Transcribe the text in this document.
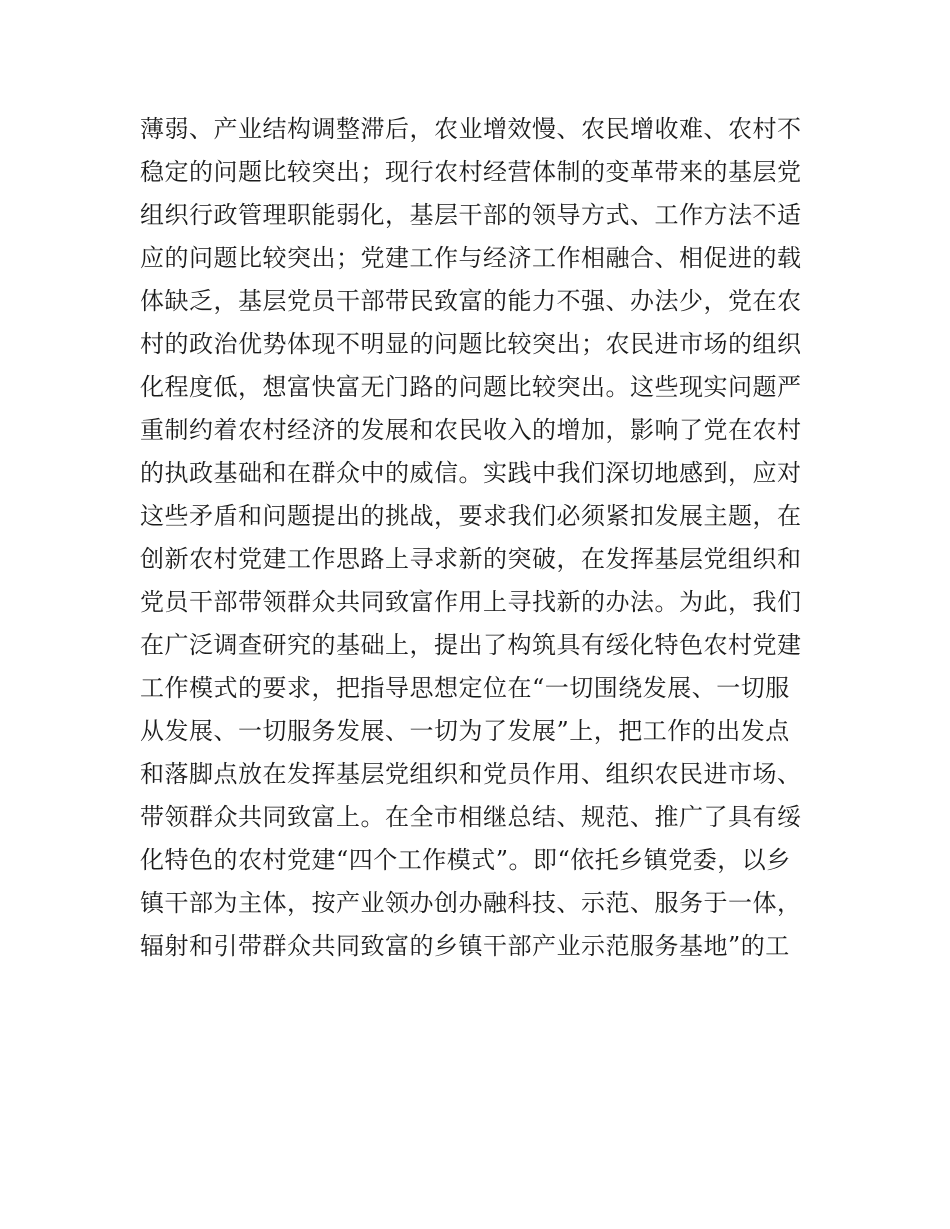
薄弱、产业结构调整滞后，农业增效慢、农民增收难、农村不
稳定的问题比较突出；现行农村经营体制的变革带来的基层党
组织行政管理职能弱化，基层干部的领导方式、工作方法不适
应的问题比较突出；党建工作与经济工作相融合、相促进的载
体缺乏，基层党员干部带民致富的能力不强、办法少，党在农
村的政治优势体现不明显的问题比较突出；农民进市场的组织
化程度低，想富快富无门路的问题比较突出。这些现实问题严
重制约着农村经济的发展和农民收入的增加，影响了党在农村
的执政基础和在群众中的威信。实践中我们深切地感到，应对
这些矛盾和问题提出的挑战，要求我们必须紧扣发展主题，在
创新农村党建工作思路上寻求新的突破，在发挥基层党组织和
党员干部带领群众共同致富作用上寻找新的办法。为此，我们
在广泛调查研究的基础上，提出了构筑具有绥化特色农村党建
工作模式的要求，把指导思想定位在“一切围绕发展、一切服
从发展、一切服务发展、一切为了发展”上，把工作的出发点
和落脚点放在发挥基层党组织和党员作用、组织农民进市场、
带领群众共同致富上。在全市相继总结、规范、推广了具有绥
化特色的农村党建“四个工作模式”。即“依托乡镇党委，以乡
镇干部为主体，按产业领办创办融科技、示范、服务于一体，
辐射和引带群众共同致富的乡镇干部产业示范服务基地”的工
